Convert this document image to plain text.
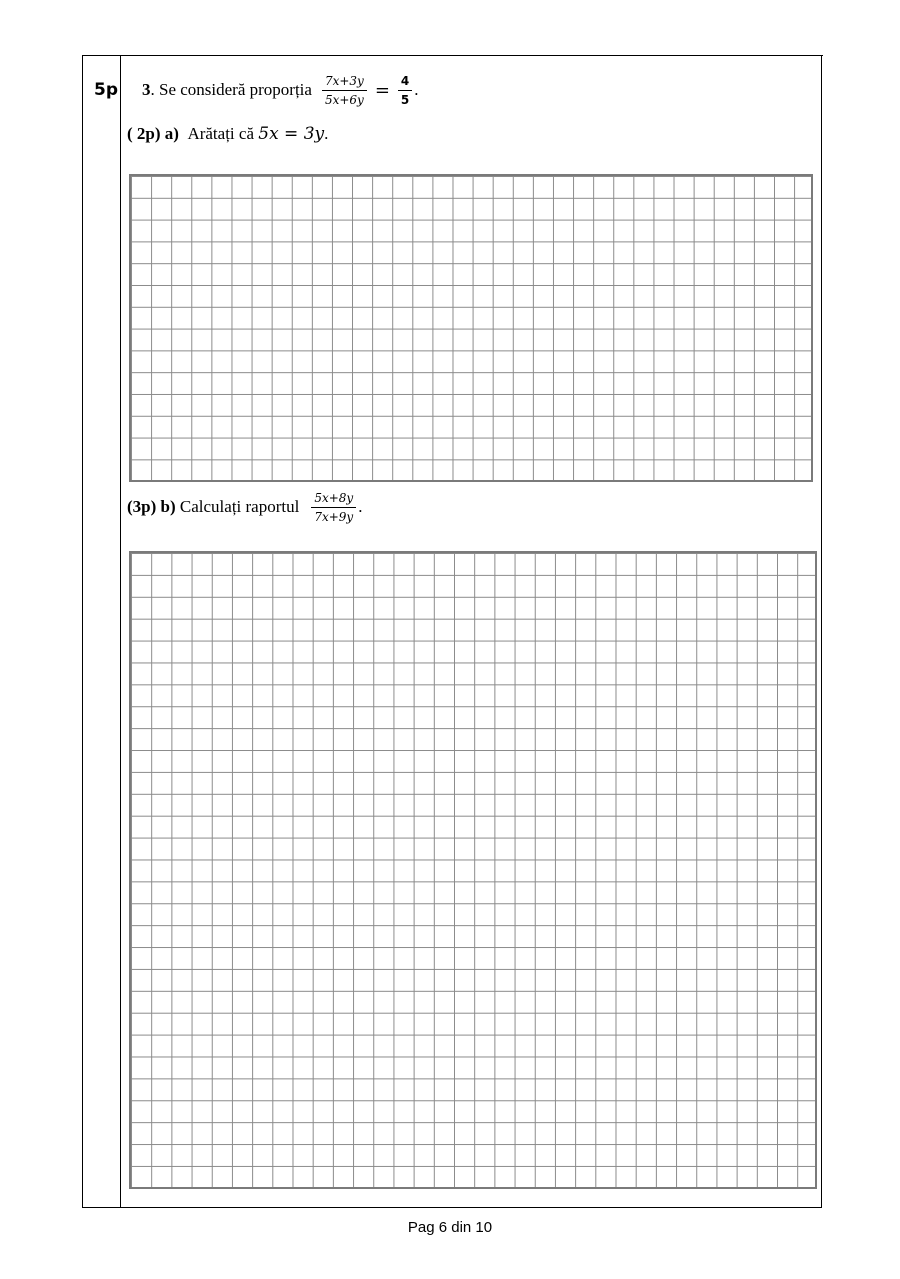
5p 3 . Se consideră proporția $\frac{7x+3y}{5x+6y} = \frac{4}{5}$ .
( 2p)
a)
Arătați că
5x = 3y .
(3p)
b)
Calculați raportul $\frac{5x+8y}{7x+9y}$ .
Pag 6 din 10
